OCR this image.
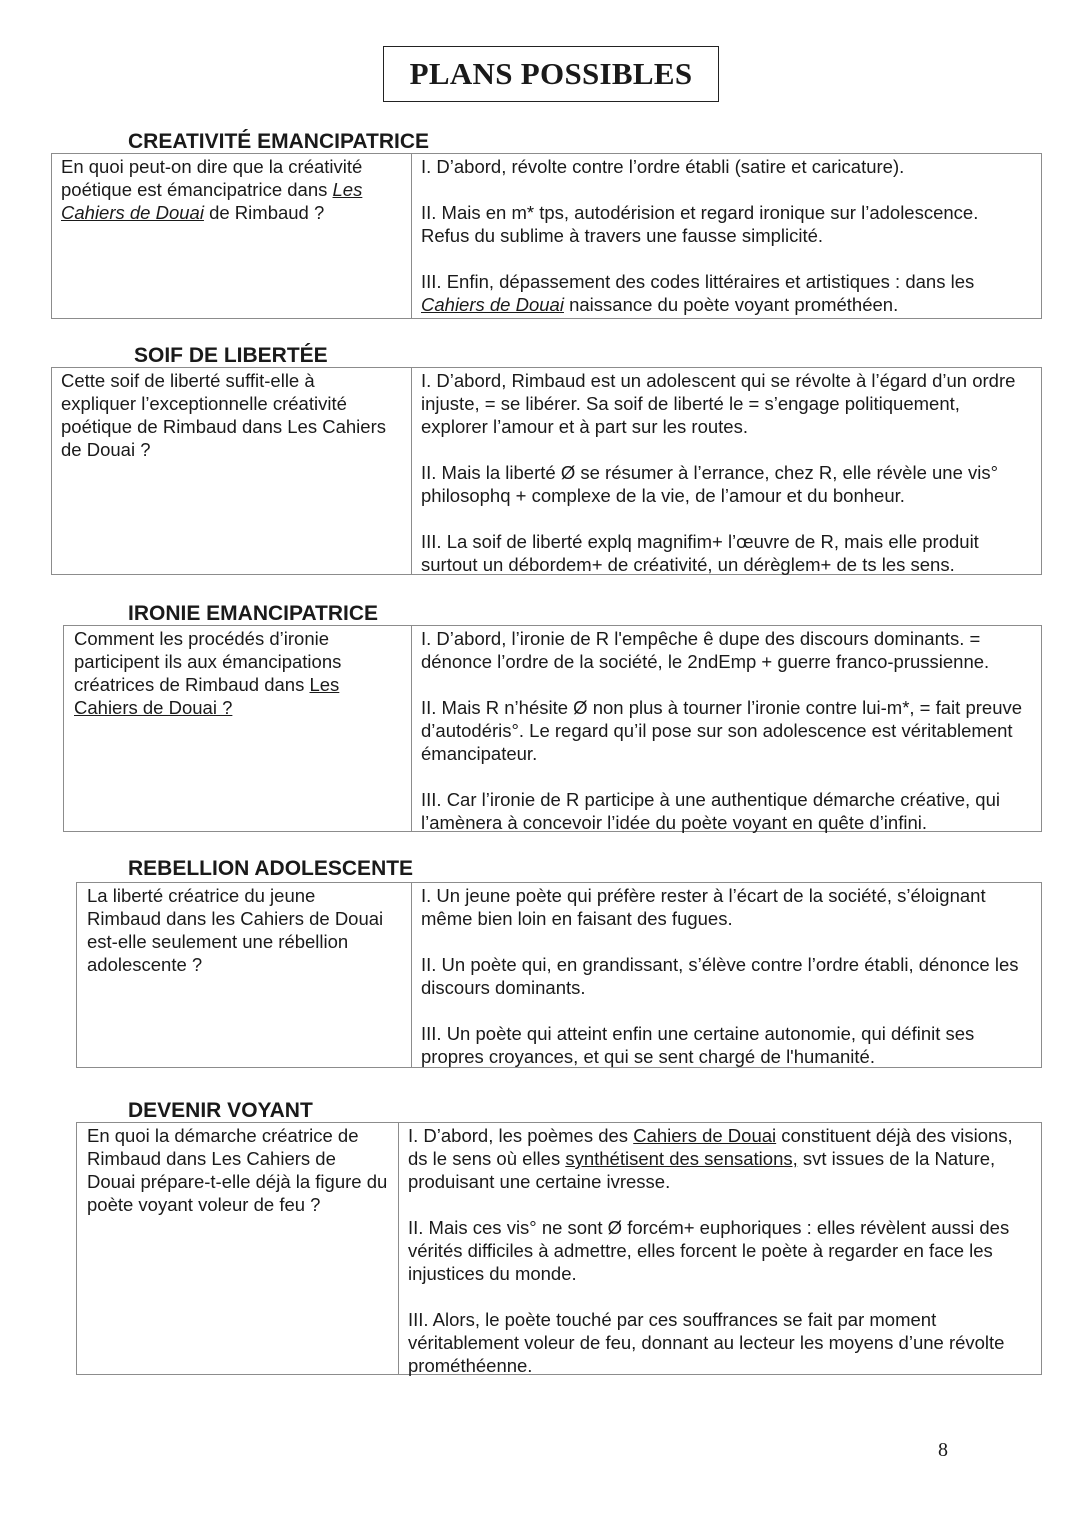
PLANS POSSIBLES
CREATIVITÉ EMANCIPATRICE
En quoi peut-on dire que la créativité poétique est émancipatrice dans Les Cahiers de Douai de Rimbaud ?

I. D’abord, révolte contre l’ordre établi (satire et caricature).

II. Mais en m* tps, autodérision et regard ironique sur l’adolescence. Refus du sublime à travers une fausse simplicité.

III. Enfin, dépassement des codes littéraires et artistiques : dans les Cahiers de Douai naissance du poète voyant prométhéen.

SOIF DE LIBERTÉE
Cette soif de liberté suffit-elle à expliquer l’exceptionnelle créativité poétique de Rimbaud dans Les Cahiers de Douai ?

I. D’abord, Rimbaud est un adolescent qui se révolte à l’égard d’un ordre injuste, = se libérer. Sa soif de liberté le = s’engage politiquement, explorer l’amour et à part sur les routes.

II. Mais la liberté Ø se résumer à l’errance, chez R, elle révèle une vis° philosophq + complexe de la vie, de l’amour et du bonheur.

III. La soif de liberté explq magnifim+ l’œuvre de R, mais elle produit surtout un débordem+ de créativité, un dérèglem+ de ts les sens.

IRONIE EMANCIPATRICE
Comment les procédés d’ironie participent ils aux émancipations créatrices de Rimbaud dans Les Cahiers de Douai ?

I. D’abord, l’ironie de R l'empêche ê dupe des discours dominants. = dénonce l’ordre de la société, le 2ndEmp + guerre franco-prussienne.

II. Mais R n’hésite Ø non plus à tourner l’ironie contre lui-m*, = fait preuve d’autodéris°. Le regard qu’il pose sur son adolescence est véritablement émancipateur.

III. Car l’ironie de R participe à une authentique démarche créative, qui l’amènera à concevoir l’idée du poète voyant en quête d’infini.

REBELLION ADOLESCENTE
La liberté créatrice du jeune Rimbaud dans les Cahiers de Douai est-elle seulement une rébellion adolescente ?

I. Un jeune poète qui préfère rester à l’écart de la société, s’éloignant même bien loin en faisant des fugues.

II. Un poète qui, en grandissant, s’élève contre l’ordre établi, dénonce les discours dominants.

III. Un poète qui atteint enfin une certaine autonomie, qui définit ses propres croyances, et qui se sent chargé de l'humanité.

DEVENIR VOYANT
En quoi la démarche créatrice de Rimbaud dans Les Cahiers de Douai prépare-t-elle déjà la figure du poète voyant voleur de feu ?

I. D’abord, les poèmes des Cahiers de Douai constituent déjà des visions, ds le sens où elles synthétisent des sensations, svt issues de la Nature, produisant une certaine ivresse.

II. Mais ces vis° ne sont Ø forcém+ euphoriques : elles révèlent aussi des vérités difficiles à admettre, elles forcent le poète à regarder en face les injustices du monde.

III. Alors, le poète touché par ces souffrances se fait par moment véritablement voleur de feu, donnant au lecteur les moyens d’une révolte prométhéenne.

8
